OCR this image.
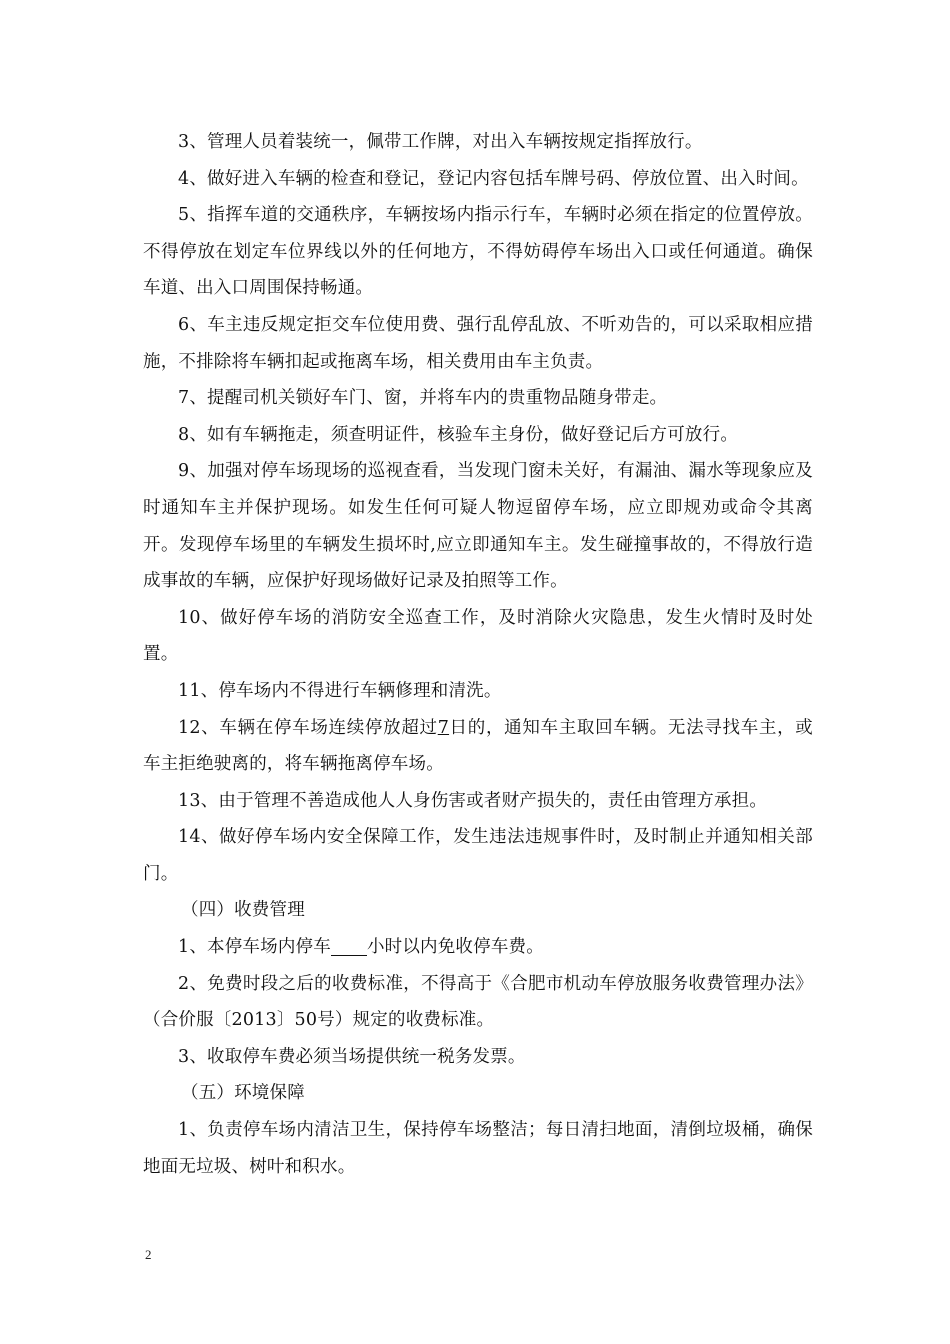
3、管理人员着装统一，佩带工作牌，对出入车辆按规定指挥放行。

4、做好进入车辆的检查和登记，登记内容包括车牌号码、停放位置、出入时间。

5、指挥车道的交通秩序，车辆按场内指示行车，车辆时必须在指定的位置停放。不得停放在划定车位界线以外的任何地方，不得妨碍停车场出入口或任何通道。确保车道、出入口周围保持畅通。

6、车主违反规定拒交车位使用费、强行乱停乱放、不听劝告的，可以采取相应措施，不排除将车辆扣起或拖离车场，相关费用由车主负责。

7、提醒司机关锁好车门、窗，并将车内的贵重物品随身带走。

8、如有车辆拖走，须查明证件，核验车主身份，做好登记后方可放行。

9、加强对停车场现场的巡视查看，当发现门窗未关好，有漏油、漏水等现象应及时通知车主并保护现场。如发生任何可疑人物逗留停车场，应立即规劝或命令其离开。发现停车场里的车辆发生损坏时,应立即通知车主。发生碰撞事故的，不得放行造成事故的车辆，应保护好现场做好记录及拍照等工作。

10、做好停车场的消防安全巡查工作，及时消除火灾隐患，发生火情时及时处置。

11、停车场内不得进行车辆修理和清洗。

12、车辆在停车场连续停放超过7日的，通知车主取回车辆。无法寻找车主，或车主拒绝驶离的，将车辆拖离停车场。

13、由于管理不善造成他人人身伤害或者财产损失的，责任由管理方承担。

14、做好停车场内安全保障工作，发生违法违规事件时，及时制止并通知相关部门。

（四）收费管理

1、本停车场内停车 小时以内免收停车费。

2、免费时段之后的收费标准，不得高于《合肥市机动车停放服务收费管理办法》（合价服〔2013〕50号）规定的收费标准。

3、收取停车费必须当场提供统一税务发票。

（五）环境保障

1、负责停车场内清洁卫生，保持停车场整洁；每日清扫地面，清倒垃圾桶，确保地面无垃圾、树叶和积水。

2
